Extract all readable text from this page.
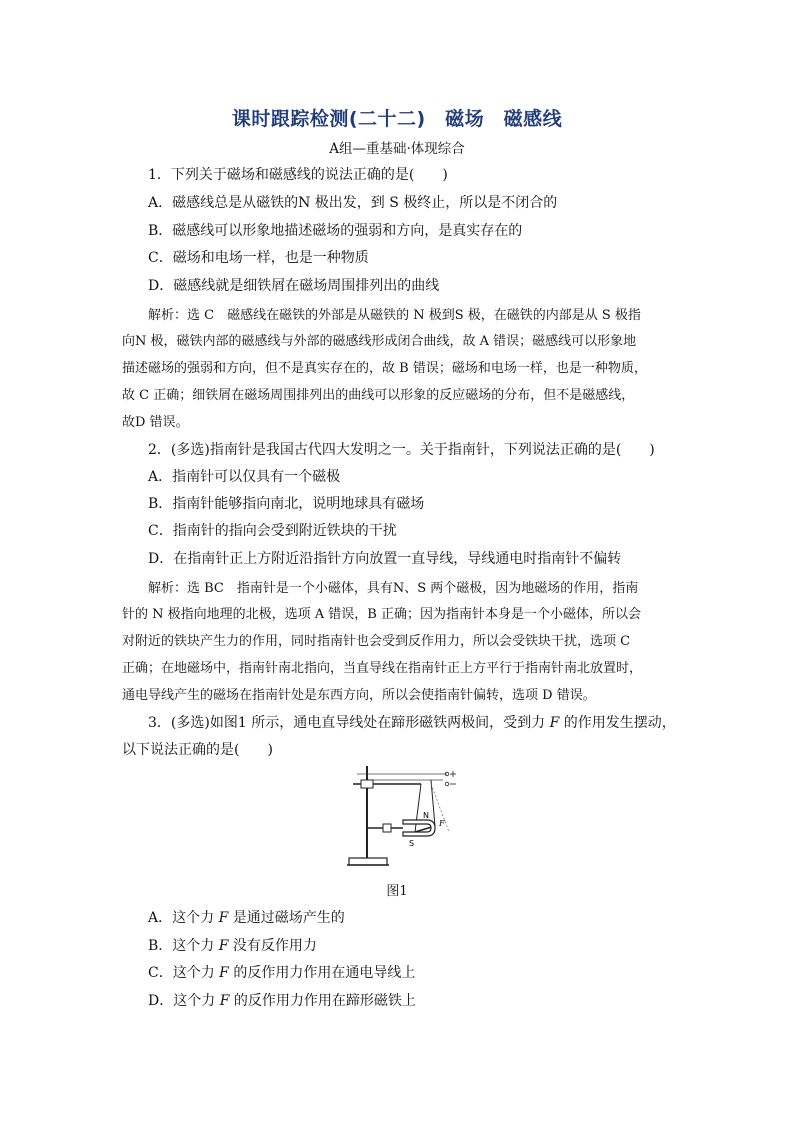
课时跟踪检测(二十二)　磁场　磁感线
A组—重基础·体现综合
1．下列关于磁场和磁感线的说法正确的是(　　)
A．磁感线总是从磁铁的N 极出发，到 S 极终止，所以是不闭合的
B．磁感线可以形象地描述磁场的强弱和方向，是真实存在的
C．磁场和电场一样，也是一种物质
D．磁感线就是细铁屑在磁场周围排列出的曲线
解析：选 C　磁感线在磁铁的外部是从磁铁的 N 极到S 极，在磁铁的内部是从 S 极指
向N 极，磁铁内部的磁感线与外部的磁感线形成闭合曲线，故 A 错误；磁感线可以形象地
描述磁场的强弱和方向，但不是真实存在的，故 B 错误；磁场和电场一样，也是一种物质，
故 C 正确；细铁屑在磁场周围排列出的曲线可以形象的反应磁场的分布，但不是磁感线，
故D 错误。
2．(多选)指南针是我国古代四大发明之一。关于指南针，下列说法正确的是(　　)
A．指南针可以仅具有一个磁极
B．指南针能够指向南北，说明地球具有磁场
C．指南针的指向会受到附近铁块的干扰
D．在指南针正上方附近沿指针方向放置一直导线，导线通电时指南针不偏转
解析：选 BC　指南针是一个小磁体，具有N、S 两个磁极，因为地磁场的作用，指南
针的 N 极指向地理的北极，选项 A 错误，B 正确；因为指南针本身是一个小磁体，所以会
对附近的铁块产生力的作用，同时指南针也会受到反作用力，所以会受铁块干扰，选项 C
正确；在地磁场中，指南针南北指向，当直导线在指南针正上方平行于指南针南北放置时，
通电导线产生的磁场在指南针处是东西方向，所以会使指南针偏转，选项 D 错误。
3．(多选)如图1 所示，通电直导线处在蹄形磁铁两极间，受到力 F 的作用发生摆动，
以下说法正确的是(　　)
N
S
F
图1
A．这个力 F 是通过磁场产生的
B．这个力 F 没有反作用力
C．这个力 F 的反作用力作用在通电导线上
D．这个力 F 的反作用力作用在蹄形磁铁上
